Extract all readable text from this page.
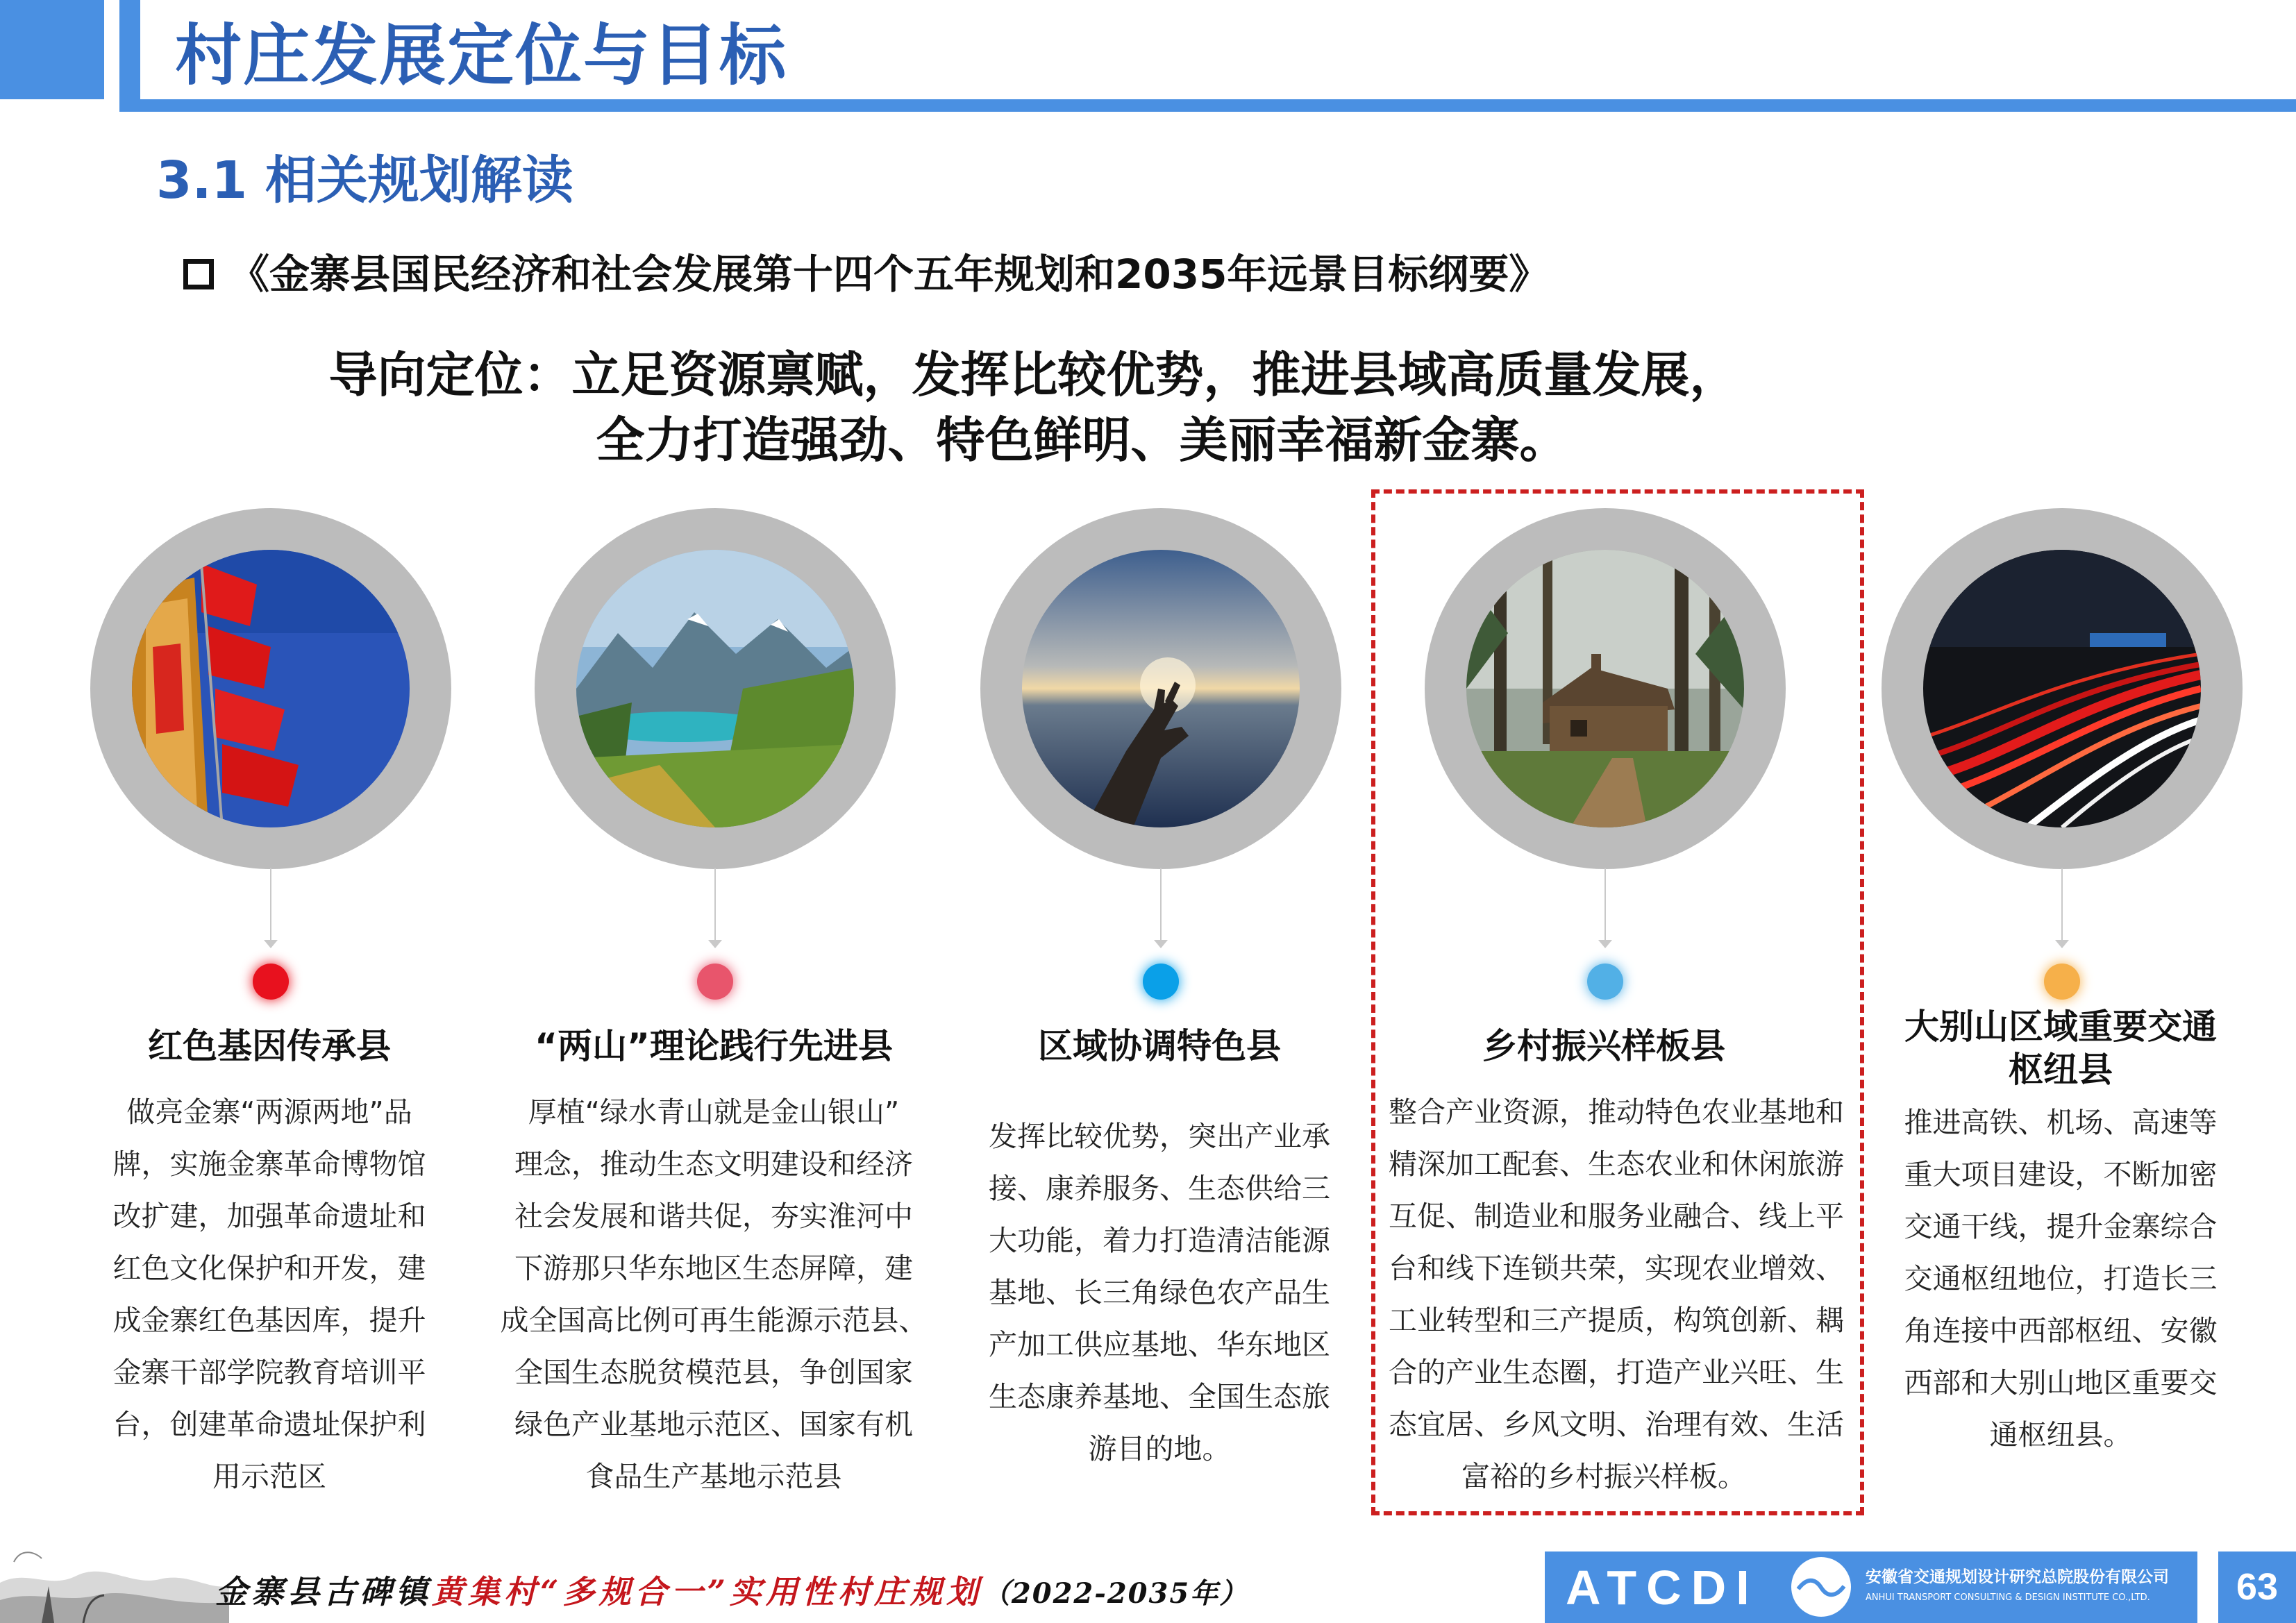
村庄发展定位与目标
3.1 相关规划解读
《金寨县国民经济和社会发展第十四个五年规划和2035年远景目标纲要》
导向定位：立足资源禀赋，发挥比较优势，推进县域高质量发展，
全力打造强劲、特色鲜明、美丽幸福新金寨。
红色基因传承县

做亮金寨“两源两地”品

牌，实施金寨革命博物馆

改扩建，加强革命遗址和

红色文化保护和开发，建

成金寨红色基因库，提升

金寨干部学院教育培训平

台，创建革命遗址保护利

用示范区

“两山”理论践行先进县

厚植“绿水青山就是金山银山”

理念，推动生态文明建设和经济

社会发展和谐共促，夯实淮河中

下游那只华东地区生态屏障，建

成全国高比例可再生能源示范县、

全国生态脱贫模范县，争创国家

绿色产业基地示范区、国家有机

食品生产基地示范县

区域协调特色县

发挥比较优势，突出产业承

接、康养服务、生态供给三

大功能，着力打造清洁能源

基地、长三角绿色农产品生

产加工供应基地、华东地区

生态康养基地、全国生态旅

游目的地。

乡村振兴样板县

整合产业资源，推动特色农业基地和

精深加工配套、生态农业和休闲旅游

互促、制造业和服务业融合、线上平

台和线下连锁共荣，实现农业增效、

工业转型和三产提质，构筑创新、耦

合的产业生态圈，打造产业兴旺、生

态宜居、乡风文明、治理有效、生活

富裕的乡村振兴样板。

大别山区域重要交通
枢纽县

推进高铁、机场、高速等

重大项目建设，不断加密

交通干线，提升金寨综合

交通枢纽地位，打造长三

角连接中西部枢纽、安徽

西部和大别山地区重要交

通枢纽县。

金寨县古碑镇黄集村“多规合一”实用性村庄规划（2022-2035年）	ATCDI	安徽省交通规划设计研究总院股份有限公司
ANHUI TRANSPORT CONSULTING & DESIGN INSTITUTE CO.,LTD.	63
